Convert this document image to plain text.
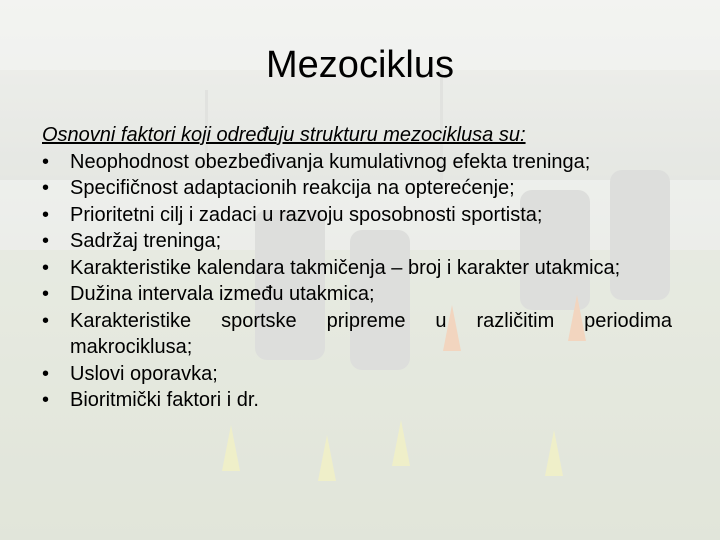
Mezociklus
Osnovni faktori koji određuju strukturu mezociklusa su:
•	Neophodnost obezbeđivanja kumulativnog efekta treninga;
•	Specifičnost adaptacionih reakcija na opterećenje;
•	Prioritetni cilj i zadaci u razvoju sposobnosti sportista;
•	Sadržaj treninga;
•	Karakteristike kalendara takmičenja – broj i karakter utakmica;
•	Dužina intervala između utakmica;
•	Karakteristike sportske pripreme u različitim periodima makrociklusa;
•	Uslovi oporavka;
•	Bioritmički faktori i dr.
